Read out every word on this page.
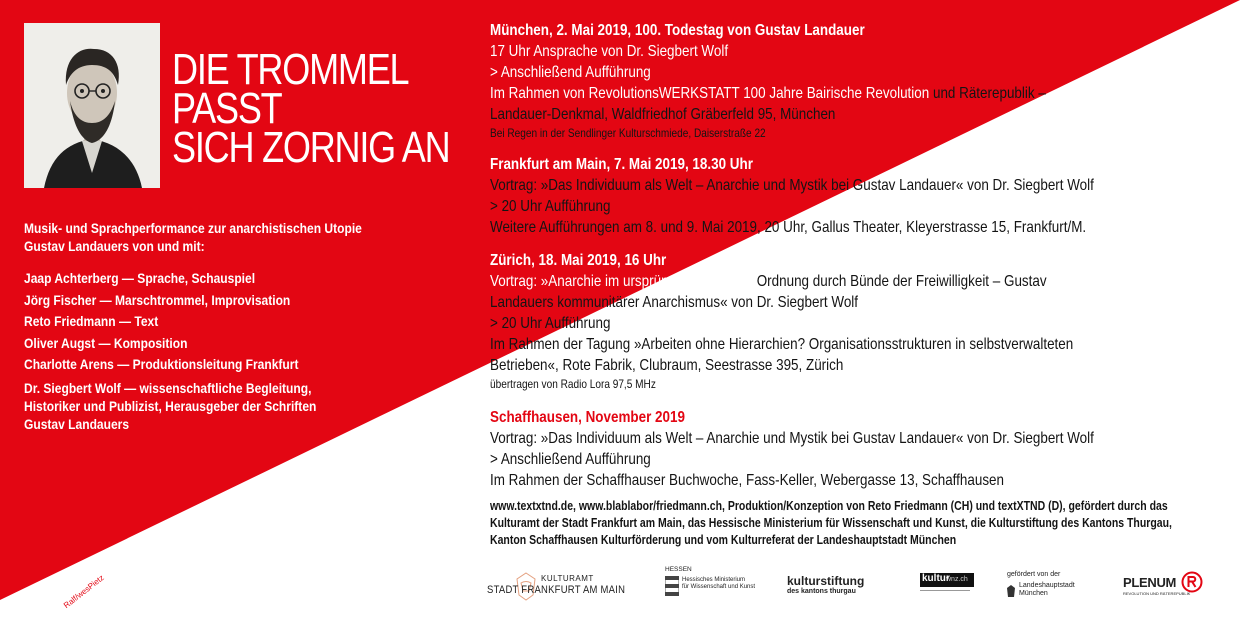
DIE TROMMEL
PASST
SICH ZORNIG AN
Musik- und Sprachperformance zur anarchistischen Utopie
Gustav Landauers von und mit:
Jaap Achterberg — Sprache, Schauspiel
Jörg Fischer — Marschtrommel, Improvisation
Reto Friedmann — Text
Oliver Augst — Komposition
Charlotte Arens — Produktionsleitung Frankfurt
Dr. Siegbert Wolf — wissenschaftliche Begleitung,
Historiker und Publizist, Herausgeber der Schriften
Gustav Landauers
München, 2. Mai 2019, 100. Todestag von Gustav Landauer
17 Uhr Ansprache von Dr. Siegbert Wolf
> Anschließend Aufführung
Im Rahmen von RevolutionsWERKSTATT 100 Jahre Bairische Revolution und Räterepublik –
Landauer-Denkmal, Waldfriedhof Gräberfeld 95, München
Bei Regen in der Sendlinger Kulturschmiede, Daiserstraße 22
Frankfurt am Main, 7. Mai 2019, 18.30 Uhr
Vortrag: »Das Individuum als Welt – Anarchie und Mystik bei Gustav Landauer« von Dr. Siegbert Wolf
> 20 Uhr Aufführung
Weitere Aufführungen am 8. und 9. Mai 2019, 20 Uhr, Gallus Theater, Kleyerstrasse 15, Frankfurt/M.
Zürich, 18. Mai 2019, 16 Uhr
Vortrag: »Anarchie im ursprünglichen Sinne: Ordnung durch Bünde der Freiwilligkeit – Gustav
Landauers kommunitärer Anarchismus« von Dr. Siegbert Wolf
> 20 Uhr Aufführung
Im Rahmen der Tagung »Arbeiten ohne Hierarchien? Organisationsstrukturen in selbstverwalteten
Betrieben«, Rote Fabrik, Clubraum, Seestrasse 395, Zürich
übertragen von Radio Lora 97,5 MHz
Schaffhausen, November 2019
Vortrag: »Das Individuum als Welt – Anarchie und Mystik bei Gustav Landauer« von Dr. Siegbert Wolf
> Anschließend Aufführung
Im Rahmen der Schaffhauser Buchwoche, Fass-Keller, Webergasse 13, Schaffhausen
www.textxtnd.de, www.blablabor/friedmann.ch, Produktion/Konzeption von Reto Friedmann (CH) und textXTND (D), gefördert durch das
Kulturamt der Stadt Frankfurt am Main, das Hessische Ministerium für Wissenschaft und Kunst, die Kulturstiftung des Kantons Thurgau,
Kanton Schaffhausen Kulturförderung und vom Kulturreferat der Landeshauptstadt München
Ralf/wesPietz	KULTURAMT
STADT FRANKFURT AM MAIN
HESSEN
Hessisches Ministerium
für Wissenschaft und Kunst	kulturstiftung
des kantons thurgau
kultur
wnz.ch
gefördert von der
Landeshauptstadt
München
PLENUM
REVOLUTION UND RÄTEREPUBLIK
